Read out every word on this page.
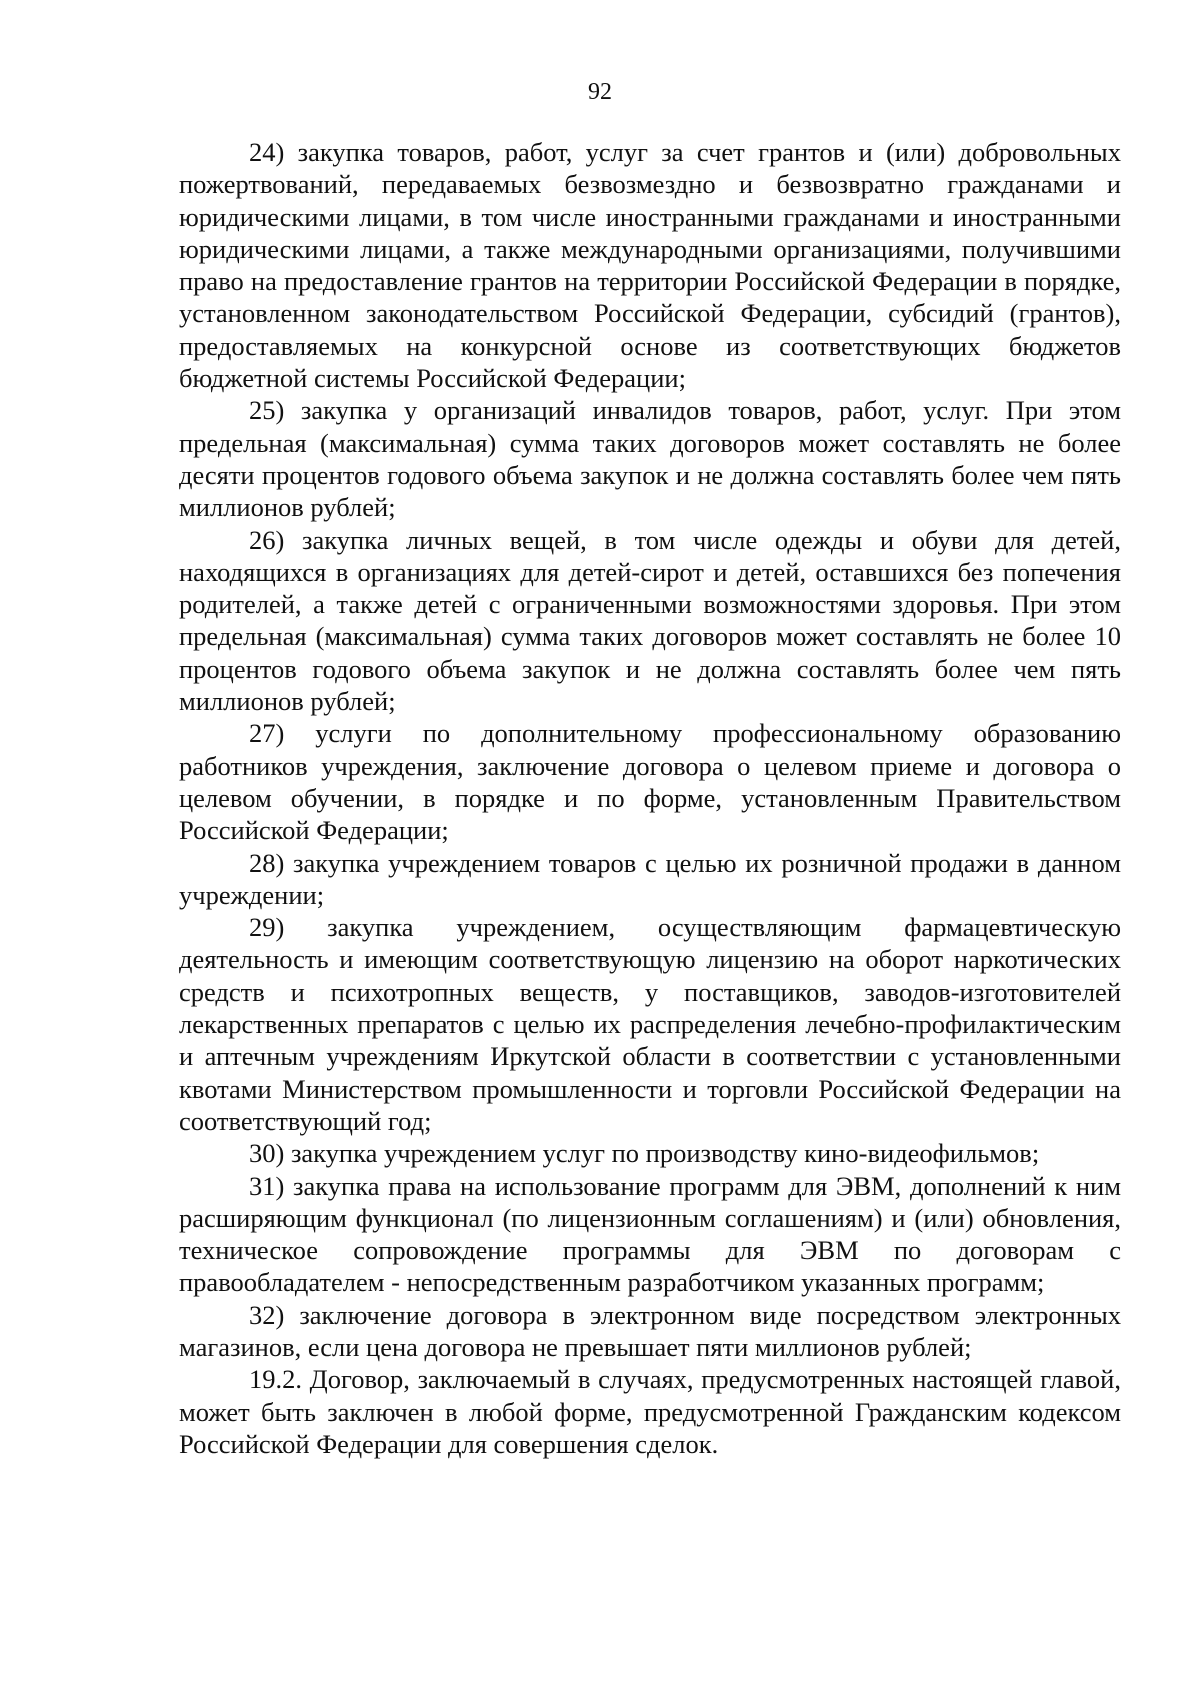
92

24) закупка товаров, работ, услуг за счет грантов и (или) добровольных пожертвований, передаваемых безвозмездно и безвозвратно гражданами и юридическими лицами, в том числе иностранными гражданами и иностранными юридическими лицами, а также международными организациями, получившими право на предоставление грантов на территории Российской Федерации в порядке, установленном законодательством Российской Федерации, субсидий (грантов), предоставляемых на конкурсной основе из соответствующих бюджетов бюджетной системы Российской Федерации;

25) закупка у организаций инвалидов товаров, работ, услуг. При этом предельная (максимальная) сумма таких договоров может составлять не более десяти процентов годового объема закупок и не должна составлять более чем пять миллионов рублей;

26) закупка личных вещей, в том числе одежды и обуви для детей, находящихся в организациях для детей-сирот и детей, оставшихся без попечения родителей, а также детей с ограниченными возможностями здоровья. При этом предельная (максимальная) сумма таких договоров может составлять не более 10 процентов годового объема закупок и не должна составлять более чем пять миллионов рублей;

27) услуги по дополнительному профессиональному образованию работников учреждения, заключение договора о целевом приеме и договора о целевом обучении, в порядке и по форме, установленным Правительством Российской Федерации;

28) закупка учреждением товаров с целью их розничной продажи в данном учреждении;

29) закупка учреждением, осуществляющим фармацевтическую деятельность и имеющим соответствующую лицензию на оборот наркотических средств и психотропных веществ, у поставщиков, заводов-изготовителей лекарственных препаратов с целью их распределения лечебно-профилактическим и аптечным учреждениям Иркутской области в соответствии с установленными квотами Министерством промышленности и торговли Российской Федерации на соответствующий год;

30) закупка учреждением услуг по производству кино-видеофильмов;

31) закупка права на использование программ для ЭВМ, дополнений к ним расширяющим функционал (по лицензионным соглашениям) и (или) обновления, техническое сопровождение программы для ЭВМ по договорам с правообладателем - непосредственным разработчиком указанных программ;

32) заключение договора в электронном виде посредством электронных магазинов, если цена договора не превышает пяти миллионов рублей;

19.2. Договор, заключаемый в случаях, предусмотренных настоящей главой, может быть заключен в любой форме, предусмотренной Гражданским кодексом Российской Федерации для совершения сделок.
